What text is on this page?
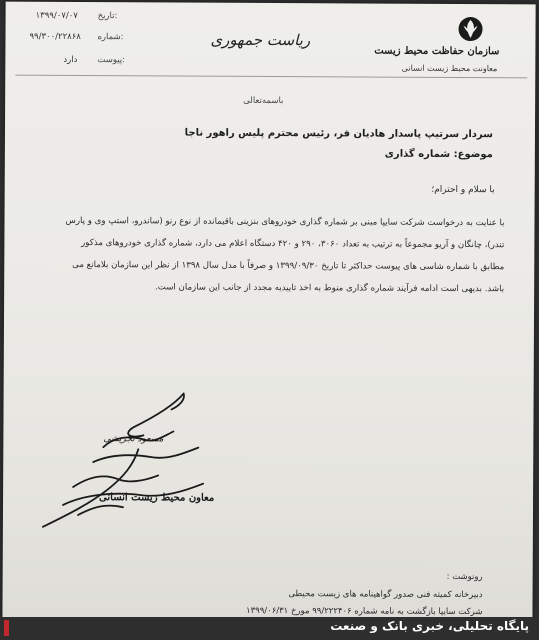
تاریخ:
۱۳۹۹/۰۷/۰۷
شماره:
۹۹/۳۰۰/۲۲۸۶۸
پیوست:
دارد
ریاست جمهوری
سازمان حفاظت محیط زیست
معاونت محیط زیست انسانی
باسمه‌تعالی
سردار سرتیپ پاسدار هادیان فر، رئیس محترم پلیس راهور ناجا
موضوع: شماره گذاری
با سلام و احترام؛
با عنایت به درخواست شرکت سایپا مبنی بر شماره گذاری خودروهای بنزینی باقیمانده از نوع رنو (ساندرو، استپ وی و پارس
تندر)، چانگان و آریو مجموعاً به ترتیب به تعداد ۳۰۶۰، ۲۹۰ و ۴۲۰ دستگاه اعلام می دارد، شماره گذاری خودروهای مذکور
مطابق با شماره شاسی های پیوست حداکثر تا تاریخ ۱۳۹۹/۰۹/۳۰ و صرفاً با مدل سال ۱۳۹۸ از نظر این سازمان بلامانع می
باشد. بدیهی است ادامه فرآیند شماره گذاری منوط به اخذ تاییدیه مجدد از جانب این سازمان است.
مسعود تجریشی
معاون محیط زیست انسانی
رونوشت :
دبیرخانه کمیته فنی صدور گواهینامه های زیست محیطی
شرکت سایپا بازگشت به نامه شماره ۹۹/۲۲۲۴۰۶ مورخ ۱۳۹۹/۰۶/۳۱
پایگاه تحلیلی، خبری بانک و صنعت
